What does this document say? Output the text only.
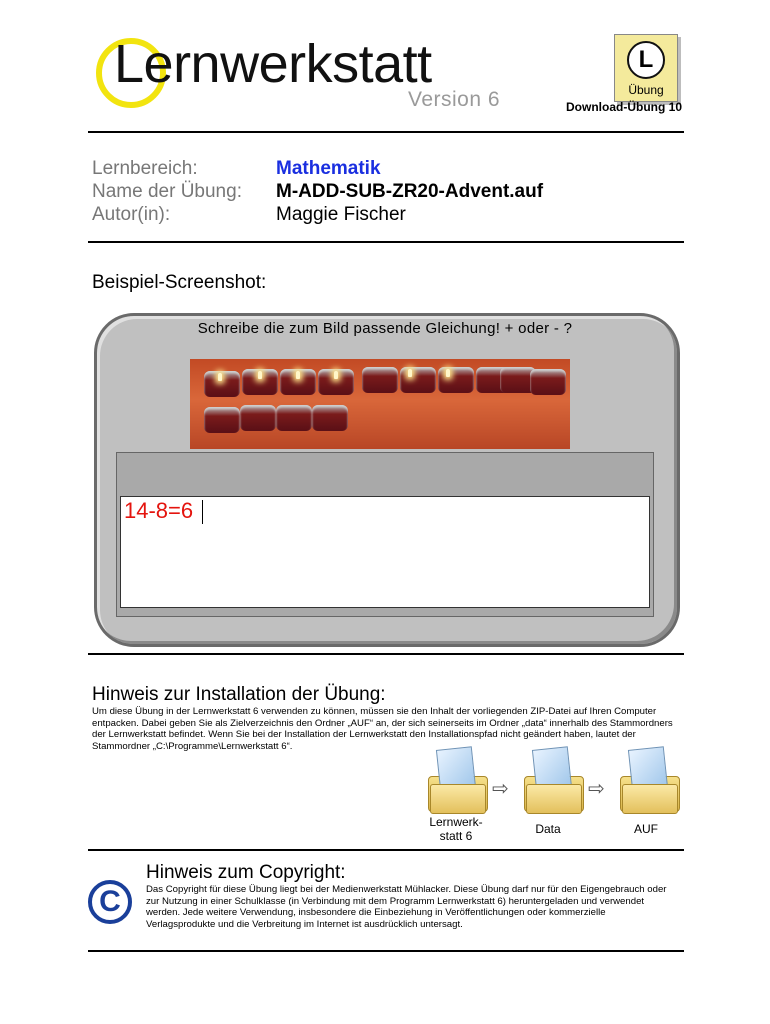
Lernwerkstatt
Version 6
L
Übung
Download-Übung 10
Lernbereich:	Mathematik
Name der Übung: M-ADD-SUB-ZR20-Advent.auf
Autor(in):	Maggie Fischer
Beispiel-Screenshot:
Schreibe die zum Bild passende Gleichung! + oder - ?
14-8=6
Hinweis zur Installation der Übung:
Um diese Übung in der Lernwerkstatt 6 verwenden zu können, müssen sie den Inhalt der vorliegenden ZIP-Datei auf Ihren Computer entpacken. Dabei geben Sie als Zielverzeichnis den Ordner „AUF“ an, der sich seinerseits im Ordner „data“ innerhalb des Stammordners der Lernwerkstatt befindet. Wenn Sie bei der Installation der Lernwerkstatt den Installationspfad nicht geändert haben, lautet der Stammordner „C:\Programme\Lernwerkstatt 6“.
⇨	⇨
Lernwerk-
statt 6	Data	AUF
C
Hinweis zum Copyright:
Das Copyright für diese Übung liegt bei der Medienwerkstatt Mühlacker. Diese Übung darf nur für den Eigengebrauch oder zur Nutzung in einer Schulklasse (in Verbindung mit dem Programm Lernwerkstatt 6) heruntergeladen und verwendet werden. Jede weitere Verwendung, insbesondere die Einbeziehung in Veröffentlichungen oder kommerzielle Verlagsprodukte und die Verbreitung im Internet ist ausdrücklich untersagt.
